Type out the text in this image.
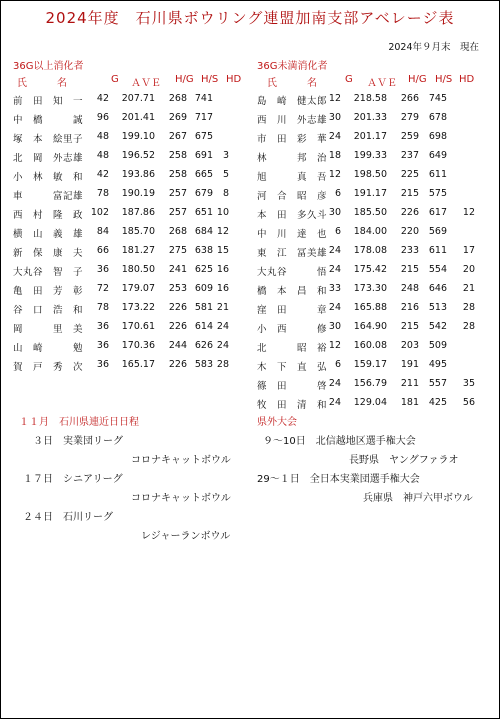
2024年度　石川県ボウリング連盟加南支部アベレージ表
2024年９月末　現在
36G以上消化者
氏　　　名	G ＡＶＥ H/G H/S HD
前　田　知　一	42	207.71	268 741
中　橋　　　誠	96	201.41	269 717
塚　本　絵里子	48	199.10	267 675
北　岡　外志雄	48	196.52	258 691	3
小　林　敏　和	42	193.86	258 665	5
車　　　富記雄	78	190.19	257 679	8
西　村　隆　政 102	187.86	257 651 10
横　山　義　雄	84	185.70	268 684 12
新　保　康　夫	66	181.27	275 638 15
大丸谷　智　子	36	180.50	241 625 16
亀　田　芳　彰	72	179.07	253 609 16
谷　口　浩　和	78	173.22	226 581 21
岡　　　里　美	36	170.61	226 614 24
山　崎　　　勉	36	170.36	244 626 24
賀　戸　秀　次	36	165.17	226 583 28
36G未満消化者
氏　　　名	G ＡＶＥ H/G H/S HD
島　崎　健太郎 12	218.58	266	745
西　川　外志雄 30	201.33	279	678
市　田　彩　華 24	201.17	259	698
林　　　邦　治 18	199.33	237	649
旭　　　真　吾 12	198.50	225	611
河　合　昭　彦 6	191.17	215	575
本　田　多久斗 30	185.50	226	617	12
中　川　達　也 6	184.00	220	569
東　江　冨美雄 24	178.08	233	611	17
大丸谷　　　悟 24	175.42	215	554	20
橋　本　昌　和 33	173.30	248	646	21
窪　田　　　章 24	165.88	216	513	28
小　西　　　修 30	164.90	215	542	28
北　　　昭　裕 12	160.08	203	509
木　下　直　弘 6	159.17	191	495
篠　田　　　啓 24	156.79	211	557	35
牧　田　清　和 24	129.04	181	425	56
１１月　石川県連近日日程
３日　実業団リーグ
コロナキャットボウル
１７日　シニアリーグ
コロナキャットボウル
２４日　石川リーグ
レジャーランボウル
県外大会
９～10日　北信越地区選手権大会
長野県　ヤングファラオ
29～１日　全日本実業団選手権大会
兵庫県　神戸六甲ボウル
